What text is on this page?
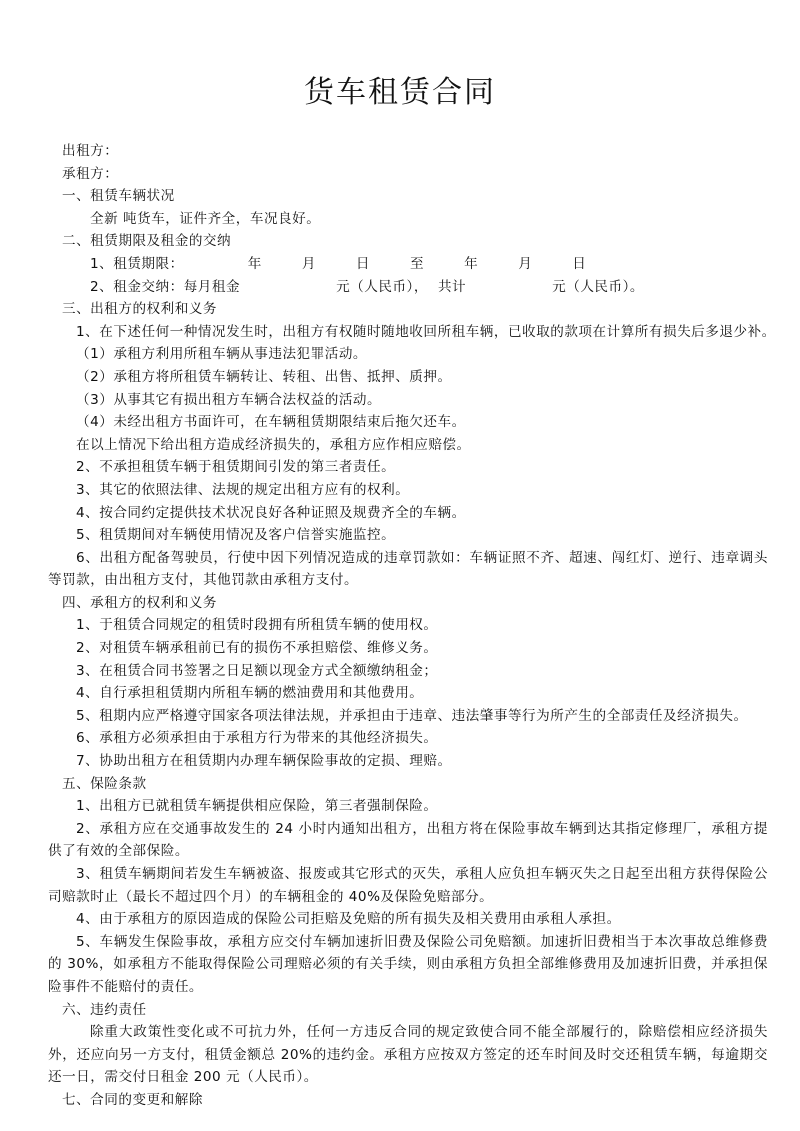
货车租赁合同
出租方：
承租方：
一、租赁车辆状况
全新 吨货车，证件齐全，车况良好。
二、租赁期限及租金的交纳
1、租赁期限：	年	月	日	至	年	月	日
2、租金交纳：每月租金	元（人民币）， 共计	元（人民币）。
三、出租方的权利和义务
1、在下述任何一种情况发生时，出租方有权随时随地收回所租车辆，已收取的款项在计算所有损失后多退少补。
（1）承租方利用所租车辆从事违法犯罪活动。
（2）承租方将所租赁车辆转让、转租、出售、抵押、质押。
（3）从事其它有损出租方车辆合法权益的活动。
（4）未经出租方书面许可，在车辆租赁期限结束后拖欠还车。
在以上情况下给出租方造成经济损失的，承租方应作相应赔偿。
2、不承担租赁车辆于租赁期间引发的第三者责任。
3、其它的依照法律、法规的规定出租方应有的权利。
4、按合同约定提供技术状况良好各种证照及规费齐全的车辆。
5、租赁期间对车辆使用情况及客户信誉实施监控。
6、出租方配备驾驶员，行使中因下列情况造成的违章罚款如：车辆证照不齐、超速、闯红灯、逆行、违章调头等罚款，由出租方支付，其他罚款由承租方支付。
四、承租方的权利和义务
1、于租赁合同规定的租赁时段拥有所租赁车辆的使用权。
2、对租赁车辆承租前已有的损伤不承担赔偿、维修义务。
3、在租赁合同书签署之日足额以现金方式全额缴纳租金；
4、自行承担租赁期内所租车辆的燃油费用和其他费用。
5、租期内应严格遵守国家各项法律法规，并承担由于违章、违法肇事等行为所产生的全部责任及经济损失。
6、承租方必须承担由于承租方行为带来的其他经济损失。
7、协助出租方在租赁期内办理车辆保险事故的定损、理赔。
五、保险条款
1、出租方已就租赁车辆提供相应保险，第三者强制保险。
2、承租方应在交通事故发生的 24 小时内通知出租方，出租方将在保险事故车辆到达其指定修理厂，承租方提供了有效的全部保险。
3、租赁车辆期间若发生车辆被盗、报废或其它形式的灭失，承租人应负担车辆灭失之日起至出租方获得保险公司赔款时止（最长不超过四个月）的车辆租金的 40%及保险免赔部分。
4、由于承租方的原因造成的保险公司拒赔及免赔的所有损失及相关费用由承租人承担。
5、车辆发生保险事故，承租方应交付车辆加速折旧费及保险公司免赔额。加速折旧费相当于本次事故总维修费的 30%，如承租方不能取得保险公司理赔必须的有关手续，则由承租方负担全部维修费用及加速折旧费，并承担保险事件不能赔付的责任。
六、违约责任
除重大政策性变化或不可抗力外，任何一方违反合同的规定致使合同不能全部履行的，除赔偿相应经济损失外，还应向另一方支付，租赁金额总 20%的违约金。承租方应按双方签定的还车时间及时交还租赁车辆，每逾期交还一日，需交付日租金 200 元（人民币）。
七、合同的变更和解除
